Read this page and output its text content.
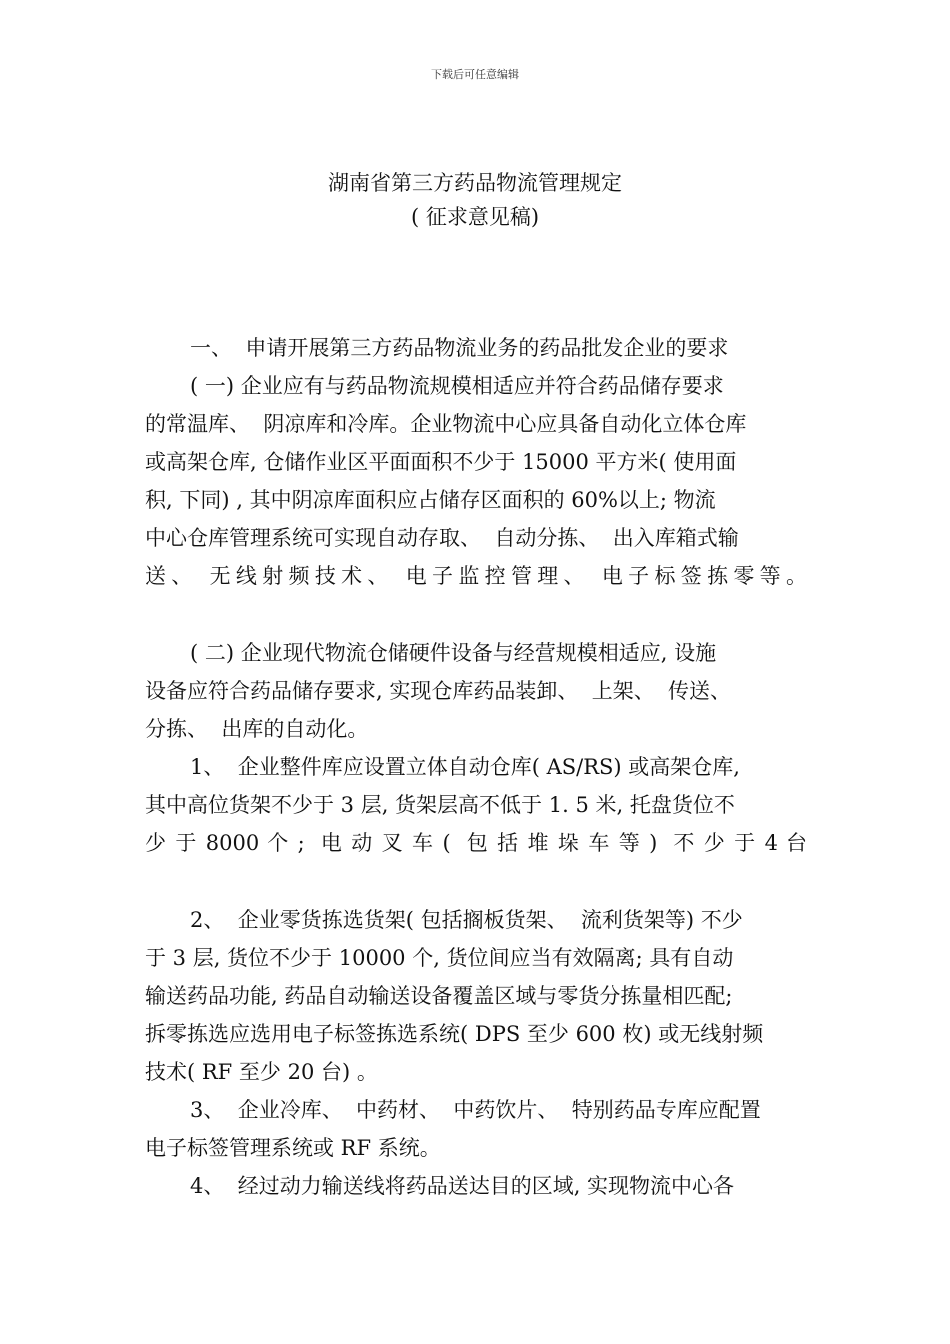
下载后可任意编辑
湖南省第三方药品物流管理规定
( 征求意见稿)
一、  申请开展第三方药品物流业务的药品批发企业的要求
( 一) 企业应有与药品物流规模相适应并符合药品储存要求
的常温库、  阴凉库和冷库。企业物流中心应具备自动化立体仓库
或高架仓库, 仓储作业区平面面积不少于 15000 平方米( 使用面
积, 下同) , 其中阴凉库面积应占储存区面积的 60%以上; 物流
中心仓库管理系统可实现自动存取、  自动分拣、  出入库箱式输
送、 无线射频技术、 电子监控管理、 电子标签拣零等。
( 二) 企业现代物流仓储硬件设备与经营规模相适应, 设施
设备应符合药品储存要求, 实现仓库药品装卸、  上架、  传送、
分拣、  出库的自动化。
1、  企业整件库应设置立体自动仓库( AS/RS) 或高架仓库,
其中高位货架不少于 3 层, 货架层高不低于 1. 5 米, 托盘货位不
少 于 8000 个 ;  电 动 叉 车 (  包 括 堆 垛 车 等 )  不 少 于 4 台
2、  企业零货拣选货架( 包括搁板货架、  流利货架等) 不少
于 3 层, 货位不少于 10000 个, 货位间应当有效隔离; 具有自动
输送药品功能, 药品自动输送设备覆盖区域与零货分拣量相匹配;
拆零拣选应选用电子标签拣选系统( DPS 至少 600 枚) 或无线射频
技术( RF 至少 20 台) 。
3、  企业冷库、  中药材、  中药饮片、  特别药品专库应配置
电子标签管理系统或 RF 系统。
4、  经过动力输送线将药品送达目的区域, 实现物流中心各
